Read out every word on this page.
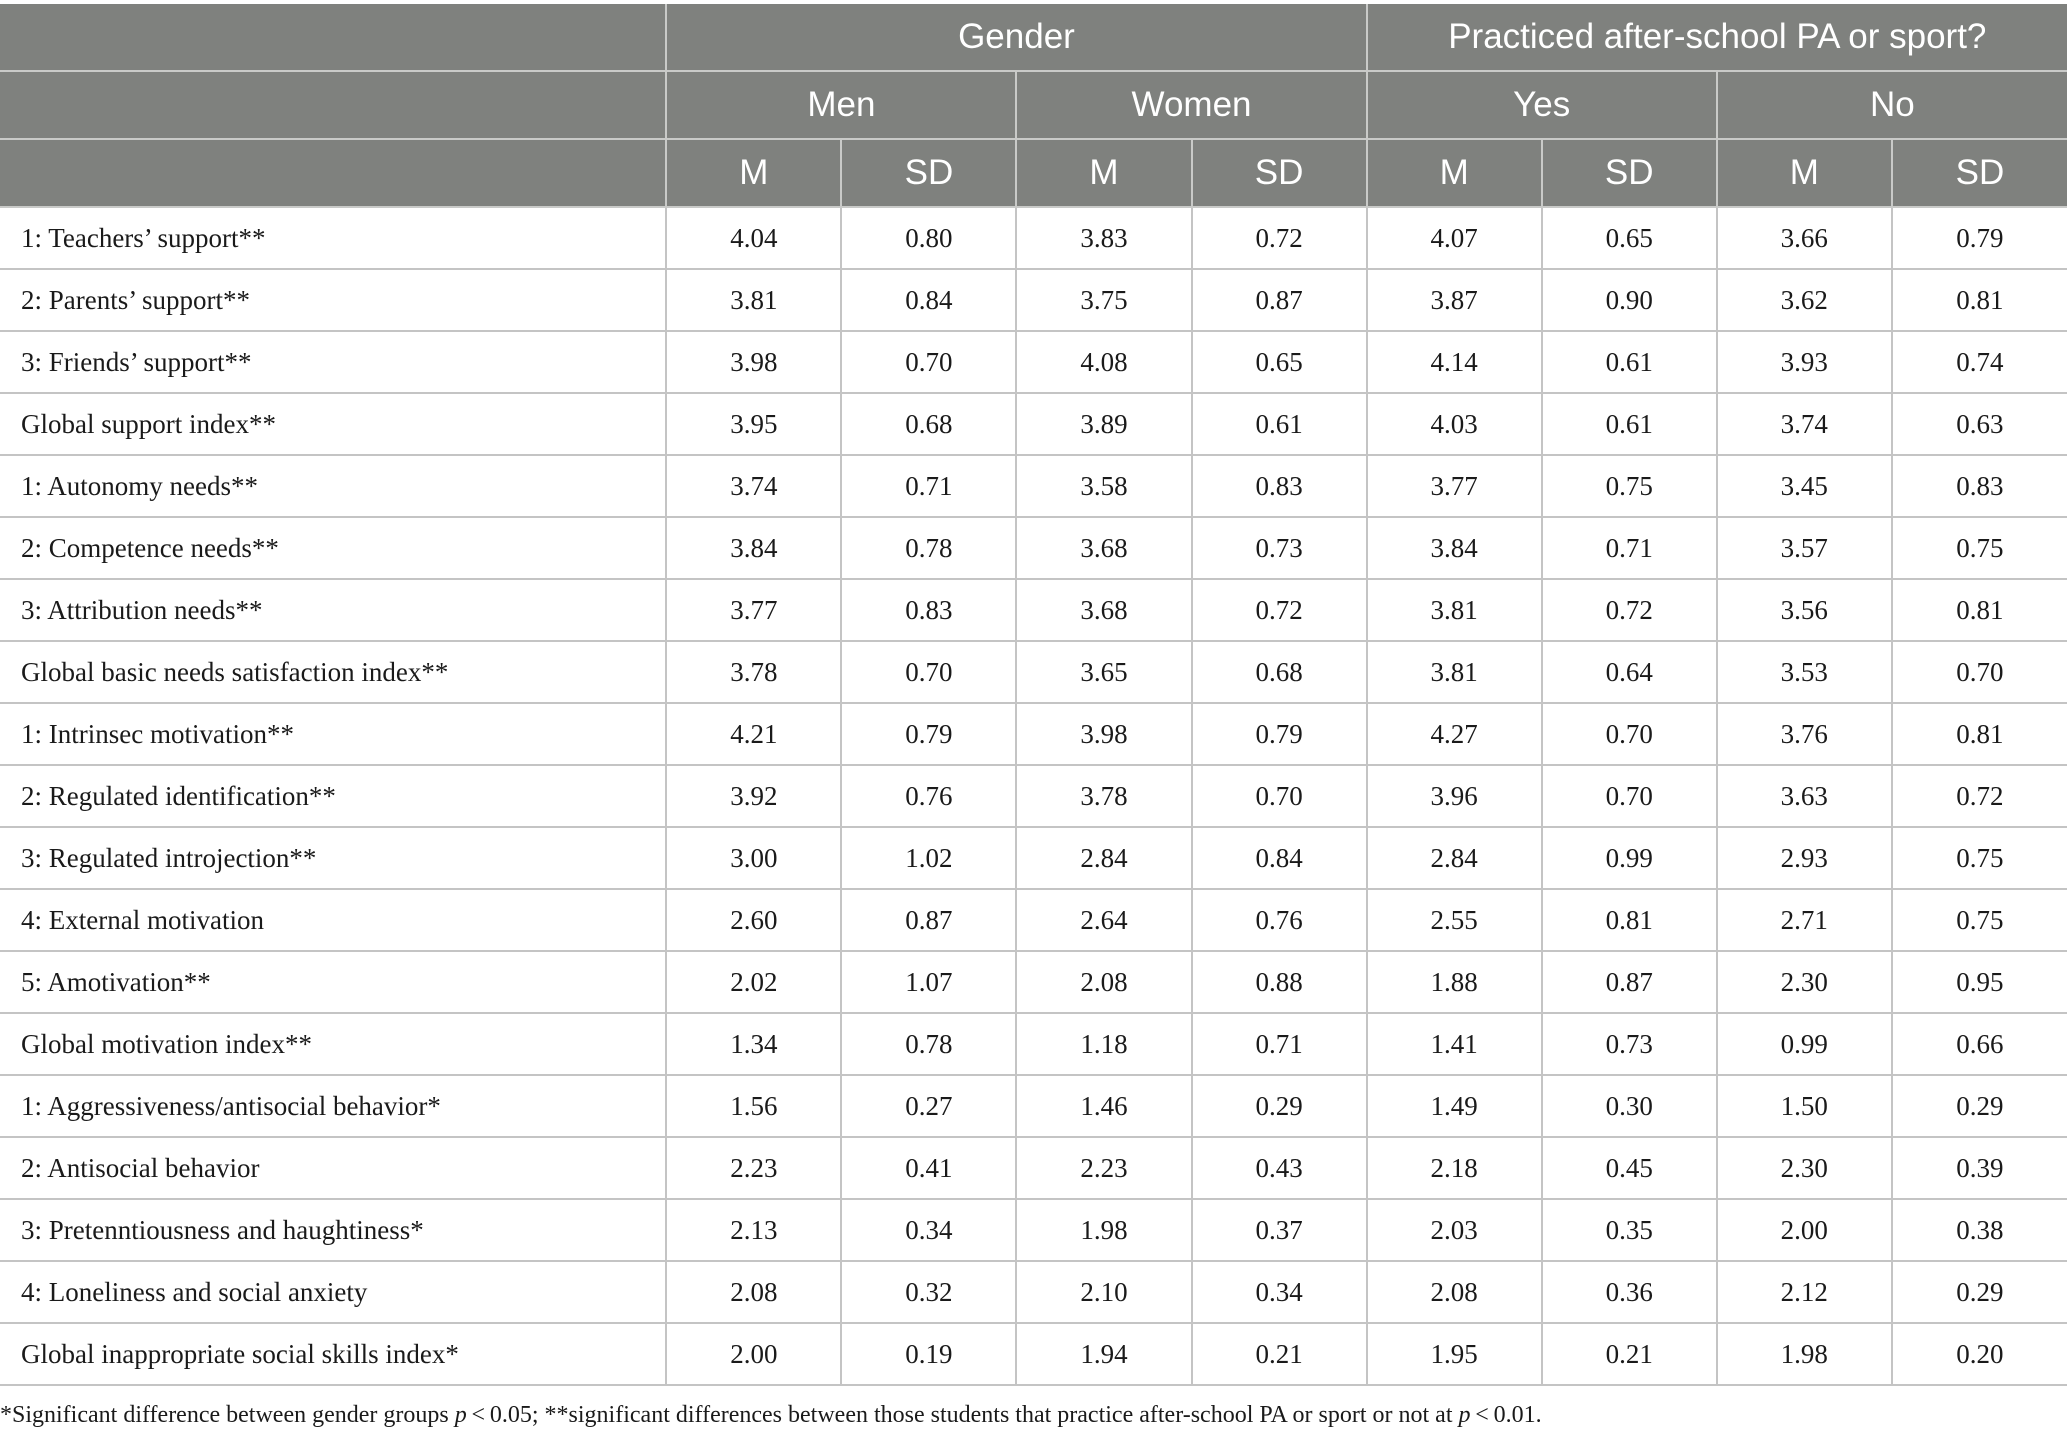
	Gender				Practiced after-school PA or sport?			
	Men		Women		Yes		No	
	M	SD	M	SD	M	SD	M	SD
1: Teachers’ support**	4.04	0.80	3.83	0.72	4.07	0.65	3.66	0.79
2: Parents’ support**	3.81	0.84	3.75	0.87	3.87	0.90	3.62	0.81
3: Friends’ support**	3.98	0.70	4.08	0.65	4.14	0.61	3.93	0.74
Global support index**	3.95	0.68	3.89	0.61	4.03	0.61	3.74	0.63
1: Autonomy needs**	3.74	0.71	3.58	0.83	3.77	0.75	3.45	0.83
2: Competence needs**	3.84	0.78	3.68	0.73	3.84	0.71	3.57	0.75
3: Attribution needs**	3.77	0.83	3.68	0.72	3.81	0.72	3.56	0.81
Global basic needs satisfaction index**	3.78	0.70	3.65	0.68	3.81	0.64	3.53	0.70
1: Intrinsec motivation**	4.21	0.79	3.98	0.79	4.27	0.70	3.76	0.81
2: Regulated identification**	3.92	0.76	3.78	0.70	3.96	0.70	3.63	0.72
3: Regulated introjection**	3.00	1.02	2.84	0.84	2.84	0.99	2.93	0.75
4: External motivation	2.60	0.87	2.64	0.76	2.55	0.81	2.71	0.75
5: Amotivation**	2.02	1.07	2.08	0.88	1.88	0.87	2.30	0.95
Global motivation index**	1.34	0.78	1.18	0.71	1.41	0.73	0.99	0.66
1: Aggressiveness/antisocial behavior*	1.56	0.27	1.46	0.29	1.49	0.30	1.50	0.29
2: Antisocial behavior	2.23	0.41	2.23	0.43	2.18	0.45	2.30	0.39
3: Pretenntiousness and haughtiness*	2.13	0.34	1.98	0.37	2.03	0.35	2.00	0.38
4: Loneliness and social anxiety	2.08	0.32	2.10	0.34	2.08	0.36	2.12	0.29
Global inappropriate social skills index*	2.00	0.19	1.94	0.21	1.95	0.21	1.98	0.20
*Significant difference between gender groups p < 0.05; **significant differences between those students that practice after-school PA or sport or not at p < 0.01.
